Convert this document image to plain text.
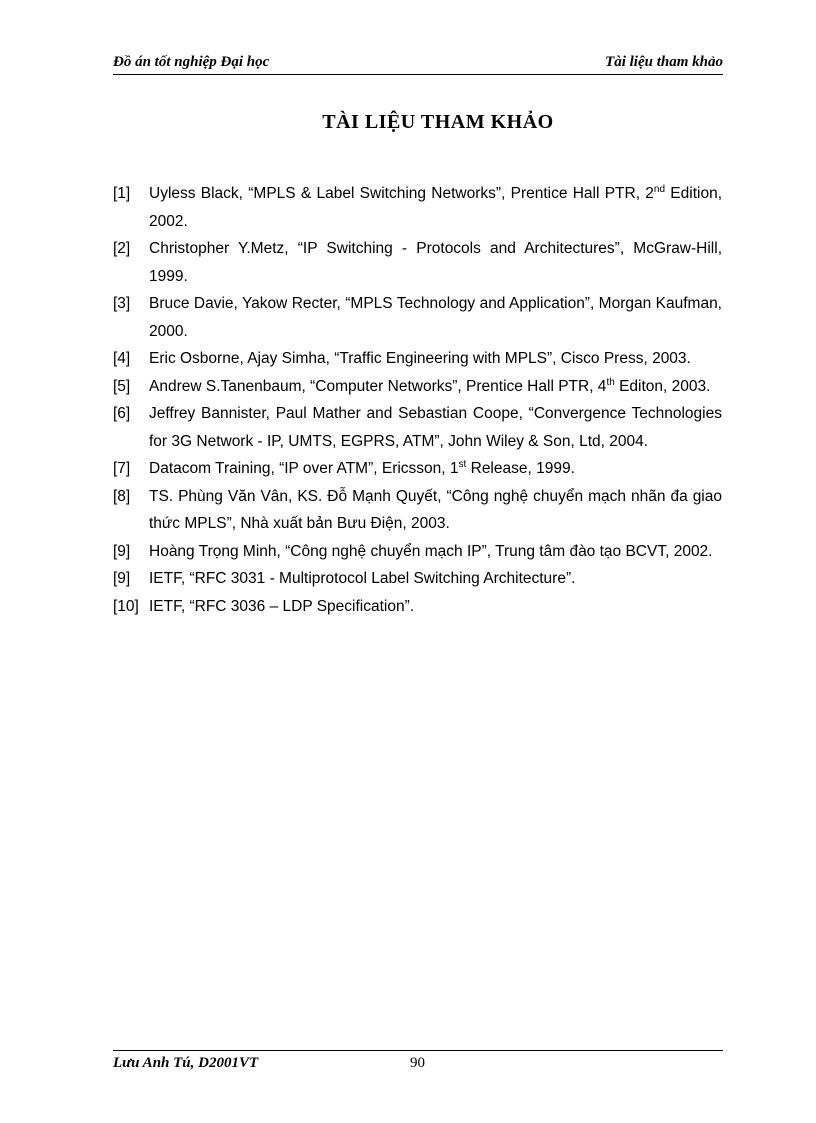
Đồ án tốt nghiệp Đại học	Tài liệu tham khảo
TÀI LIỆU THAM KHẢO
[1] Uyless Black, “MPLS & Label Switching Networks”, Prentice Hall PTR, 2nd Edition, 2002.
[2] Christopher Y.Metz, “IP Switching - Protocols and Architectures”, McGraw-Hill, 1999.
[3] Bruce Davie, Yakow Recter, “MPLS Technology and Application”, Morgan Kaufman, 2000.
[4] Eric Osborne, Ajay Simha, “Traffic Engineering with MPLS”, Cisco Press, 2003.
[5] Andrew S.Tanenbaum, “Computer Networks”, Prentice Hall PTR, 4th Editon, 2003.
[6] Jeffrey Bannister, Paul Mather and Sebastian Coope, “Convergence Technologies for 3G Network - IP, UMTS, EGPRS, ATM”, John Wiley & Son, Ltd, 2004.
[7] Datacom Training, “IP over ATM”, Ericsson, 1st Release, 1999.
[8] TS. Phùng Văn Vân, KS. Đỗ Mạnh Quyết, “Công nghệ chuyển mạch nhãn đa giao thức MPLS”, Nhà xuất bản Bưu Điện, 2003.
[9] Hoàng Trọng Minh, “Công nghệ chuyển mạch IP”, Trung tâm đào tạo BCVT, 2002.
[9] IETF, “RFC 3031 - Multiprotocol Label Switching Architecture”.
[10] IETF, “RFC 3036 – LDP Specification”.
Lưu Anh Tú, D2001VT	90
